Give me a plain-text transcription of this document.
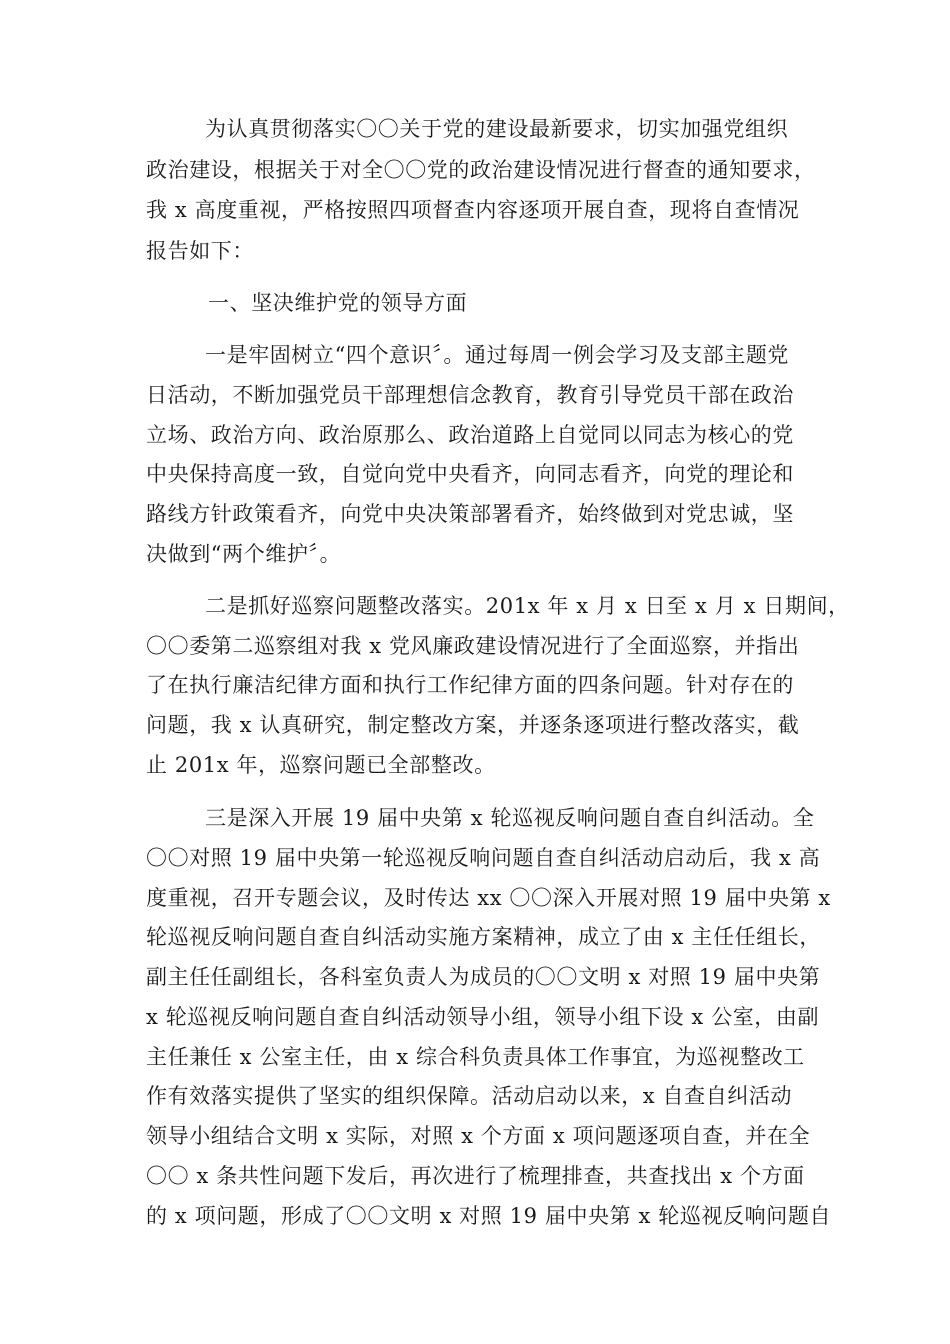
为认真贯彻落实〇〇关于党的建设最新要求，切实加强党组织
政治建设，根据关于对全〇〇党的政治建设情况进行督查的通知要求，
我 x 高度重视，严格按照四项督查内容逐项开展自查，现将自查情况
报告如下：
一、坚决维护党的领导方面
一是牢固树立“四个意识〞。通过每周一例会学习及支部主题党
日活动，不断加强党员干部理想信念教育，教育引导党员干部在政治
立场、政治方向、政治原那么、政治道路上自觉同以同志为核心的党
中央保持高度一致，自觉向党中央看齐，向同志看齐，向党的理论和
路线方针政策看齐，向党中央决策部署看齐，始终做到对党忠诚，坚
决做到“两个维护〞。
二是抓好巡察问题整改落实。201x 年 x 月 x 日至 x 月 x 日期间，
〇〇委第二巡察组对我 x 党风廉政建设情况进行了全面巡察，并指出
了在执行廉洁纪律方面和执行工作纪律方面的四条问题。针对存在的
问题，我 x 认真研究，制定整改方案，并逐条逐项进行整改落实，截
止 201x 年，巡察问题已全部整改。
三是深入开展 19 届中央第 x 轮巡视反响问题自查自纠活动。全
〇〇对照 19 届中央第一轮巡视反响问题自查自纠活动启动后，我 x 高
度重视，召开专题会议，及时传达 xx 〇〇深入开展对照 19 届中央第 x
轮巡视反响问题自查自纠活动实施方案精神，成立了由 x 主任任组长，
副主任任副组长，各科室负责人为成员的〇〇文明 x 对照 19 届中央第
x 轮巡视反响问题自查自纠活动领导小组，领导小组下设 x 公室，由副
主任兼任 x 公室主任，由 x 综合科负责具体工作事宜，为巡视整改工
作有效落实提供了坚实的组织保障。活动启动以来，x 自查自纠活动
领导小组结合文明 x 实际，对照 x 个方面 x 项问题逐项自查，并在全
〇〇 x 条共性问题下发后，再次进行了梳理排查，共查找出 x 个方面
的 x 项问题，形成了〇〇文明 x 对照 19 届中央第 x 轮巡视反响问题自
